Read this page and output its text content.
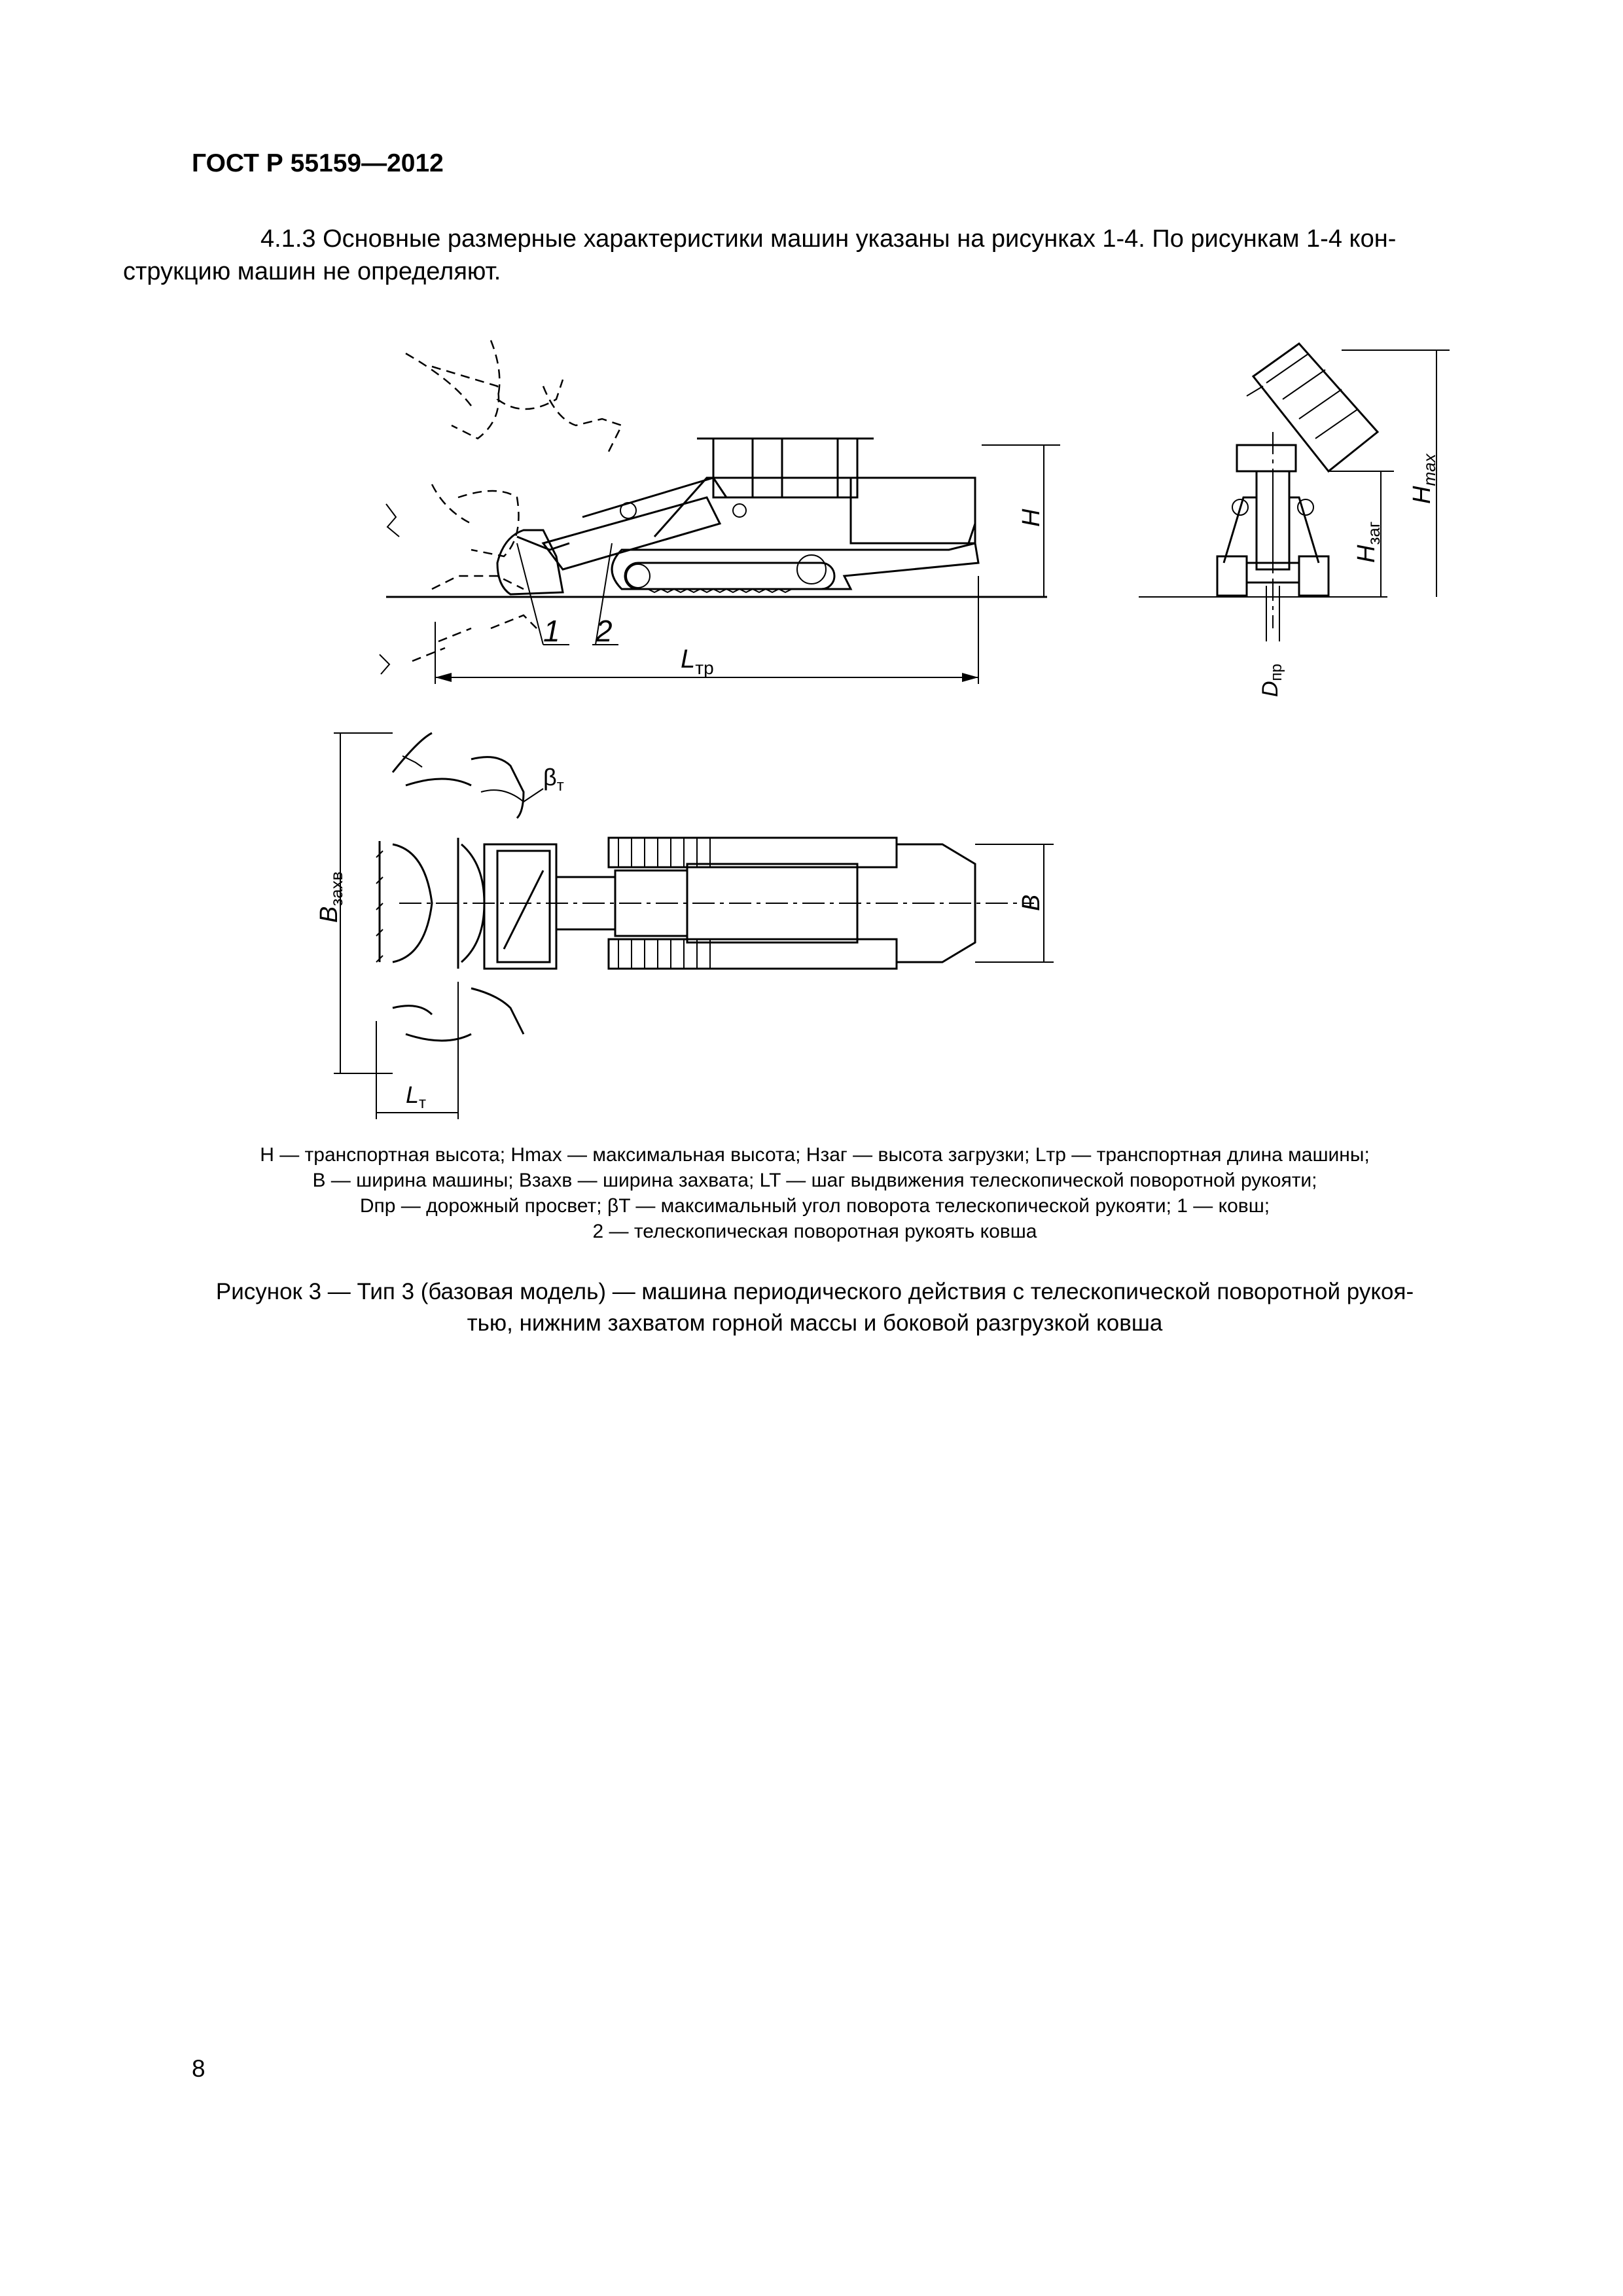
ГОСТ Р 55159—2012

4.1.3 Основные размерные характеристики машин указаны на рисунках 1-4. По рисункам 1-4 кон-
струкцию машин не определяют.

1 2
H
$L_{тр}$
$H_{max}$
$H_{заг}$
Dпр
$B_{захв}$
$\beta_т$
B
$L_т$
H — транспортная высота; Hmax — максимальная высота; Hзаг — высота загрузки; Lтр — транспортная длина машины;
B — ширина машины; Bзахв — ширина захвата; LT — шаг выдвижения телескопической поворотной рукояти;
Dпр — дорожный просвет; βT — максимальный угол поворота телескопической рукояти; 1 — ковш;
2 — телескопическая поворотная рукоять ковша
Рисунок 3 — Тип 3 (базовая модель) — машина периодического действия с телескопической поворотной рукоя-
тью, нижним захватом горной массы и боковой разгрузкой ковша
8
